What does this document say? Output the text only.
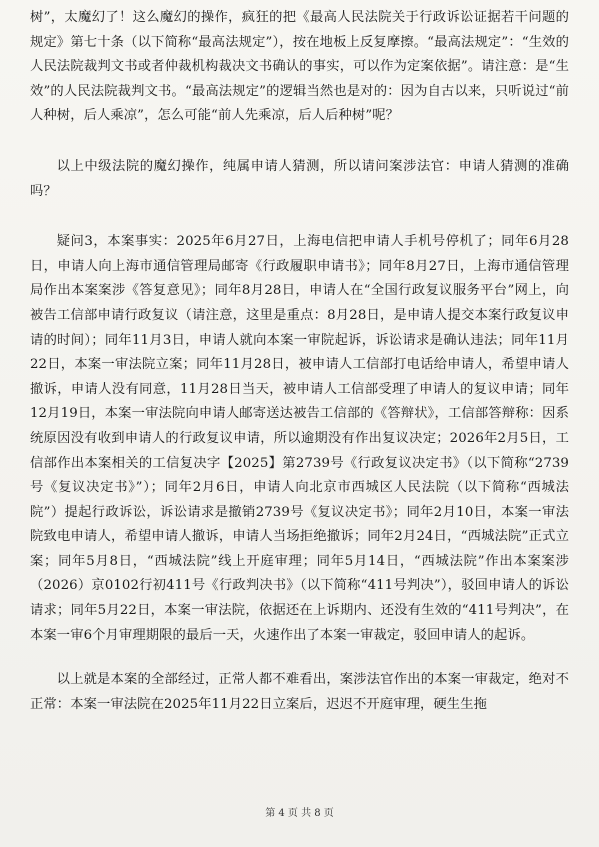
树”，太魔幻了！这么魔幻的操作，疯狂的把《最高人民法院关于行政诉讼证据若干问题的规定》第七十条（以下简称“最高法规定”），按在地板上反复摩擦。“最高法规定”：“生效的人民法院裁判文书或者仲裁机构裁决文书确认的事实，可以作为定案依据”。请注意：是“生效”的人民法院裁判文书。“最高法规定”的逻辑当然也是对的：因为自古以来，只听说过“前人种树，后人乘凉”，怎么可能“前人先乘凉，后人后种树”呢？

以上中级法院的魔幻操作，纯属申请人猜测，所以请问案涉法官：申请人猜测的准确吗？

疑问3，本案事实：2025年6月27日，上海电信把申请人手机号停机了；同年6月28日，申请人向上海市通信管理局邮寄《行政履职申请书》；同年8月27日，上海市通信管理局作出本案案涉《答复意见》；同年8月28日，申请人在“全国行政复议服务平台”网上，向被告工信部申请行政复议（请注意，这里是重点：8月28日，是申请人提交本案行政复议申请的时间）；同年11月3日，申请人就向本案一审院起诉，诉讼请求是确认违法；同年11月22日，本案一审法院立案；同年11月28日，被申请人工信部打电话给申请人，希望申请人撤诉，申请人没有同意，11月28日当天，被申请人工信部受理了申请人的复议申请；同年12月19日，本案一审法院向申请人邮寄送达被告工信部的《答辩状》，工信部答辩称：因系统原因没有收到申请人的行政复议申请，所以逾期没有作出复议决定；2026年2月5日，工信部作出本案相关的工信复决字【2025】第2739号《行政复议决定书》（以下简称“2739号《复议决定书》”）；同年2月6日，申请人向北京市西城区人民法院（以下简称“西城法院”）提起行政诉讼，诉讼请求是撤销2739号《复议决定书》；同年2月10日，本案一审法院致电申请人，希望申请人撤诉，申请人当场拒绝撤诉；同年2月24日，“西城法院”正式立案；同年5月8日，“西城法院”线上开庭审理；同年5月14日，“西城法院”作出本案案涉（2026）京0102行初411号《行政判决书》（以下简称“411号判决”），驳回申请人的诉讼请求；同年5月22日，本案一审法院，依据还在上诉期内、还没有生效的“411号判决”，在本案一审6个月审理期限的最后一天，火速作出了本案一审裁定，驳回申请人的起诉。

以上就是本案的全部经过，正常人都不难看出，案涉法官作出的本案一审裁定，绝对不正常：本案一审法院在2025年11月22日立案后，迟迟不开庭审理，硬生生拖

第 4 页 共 8 页
